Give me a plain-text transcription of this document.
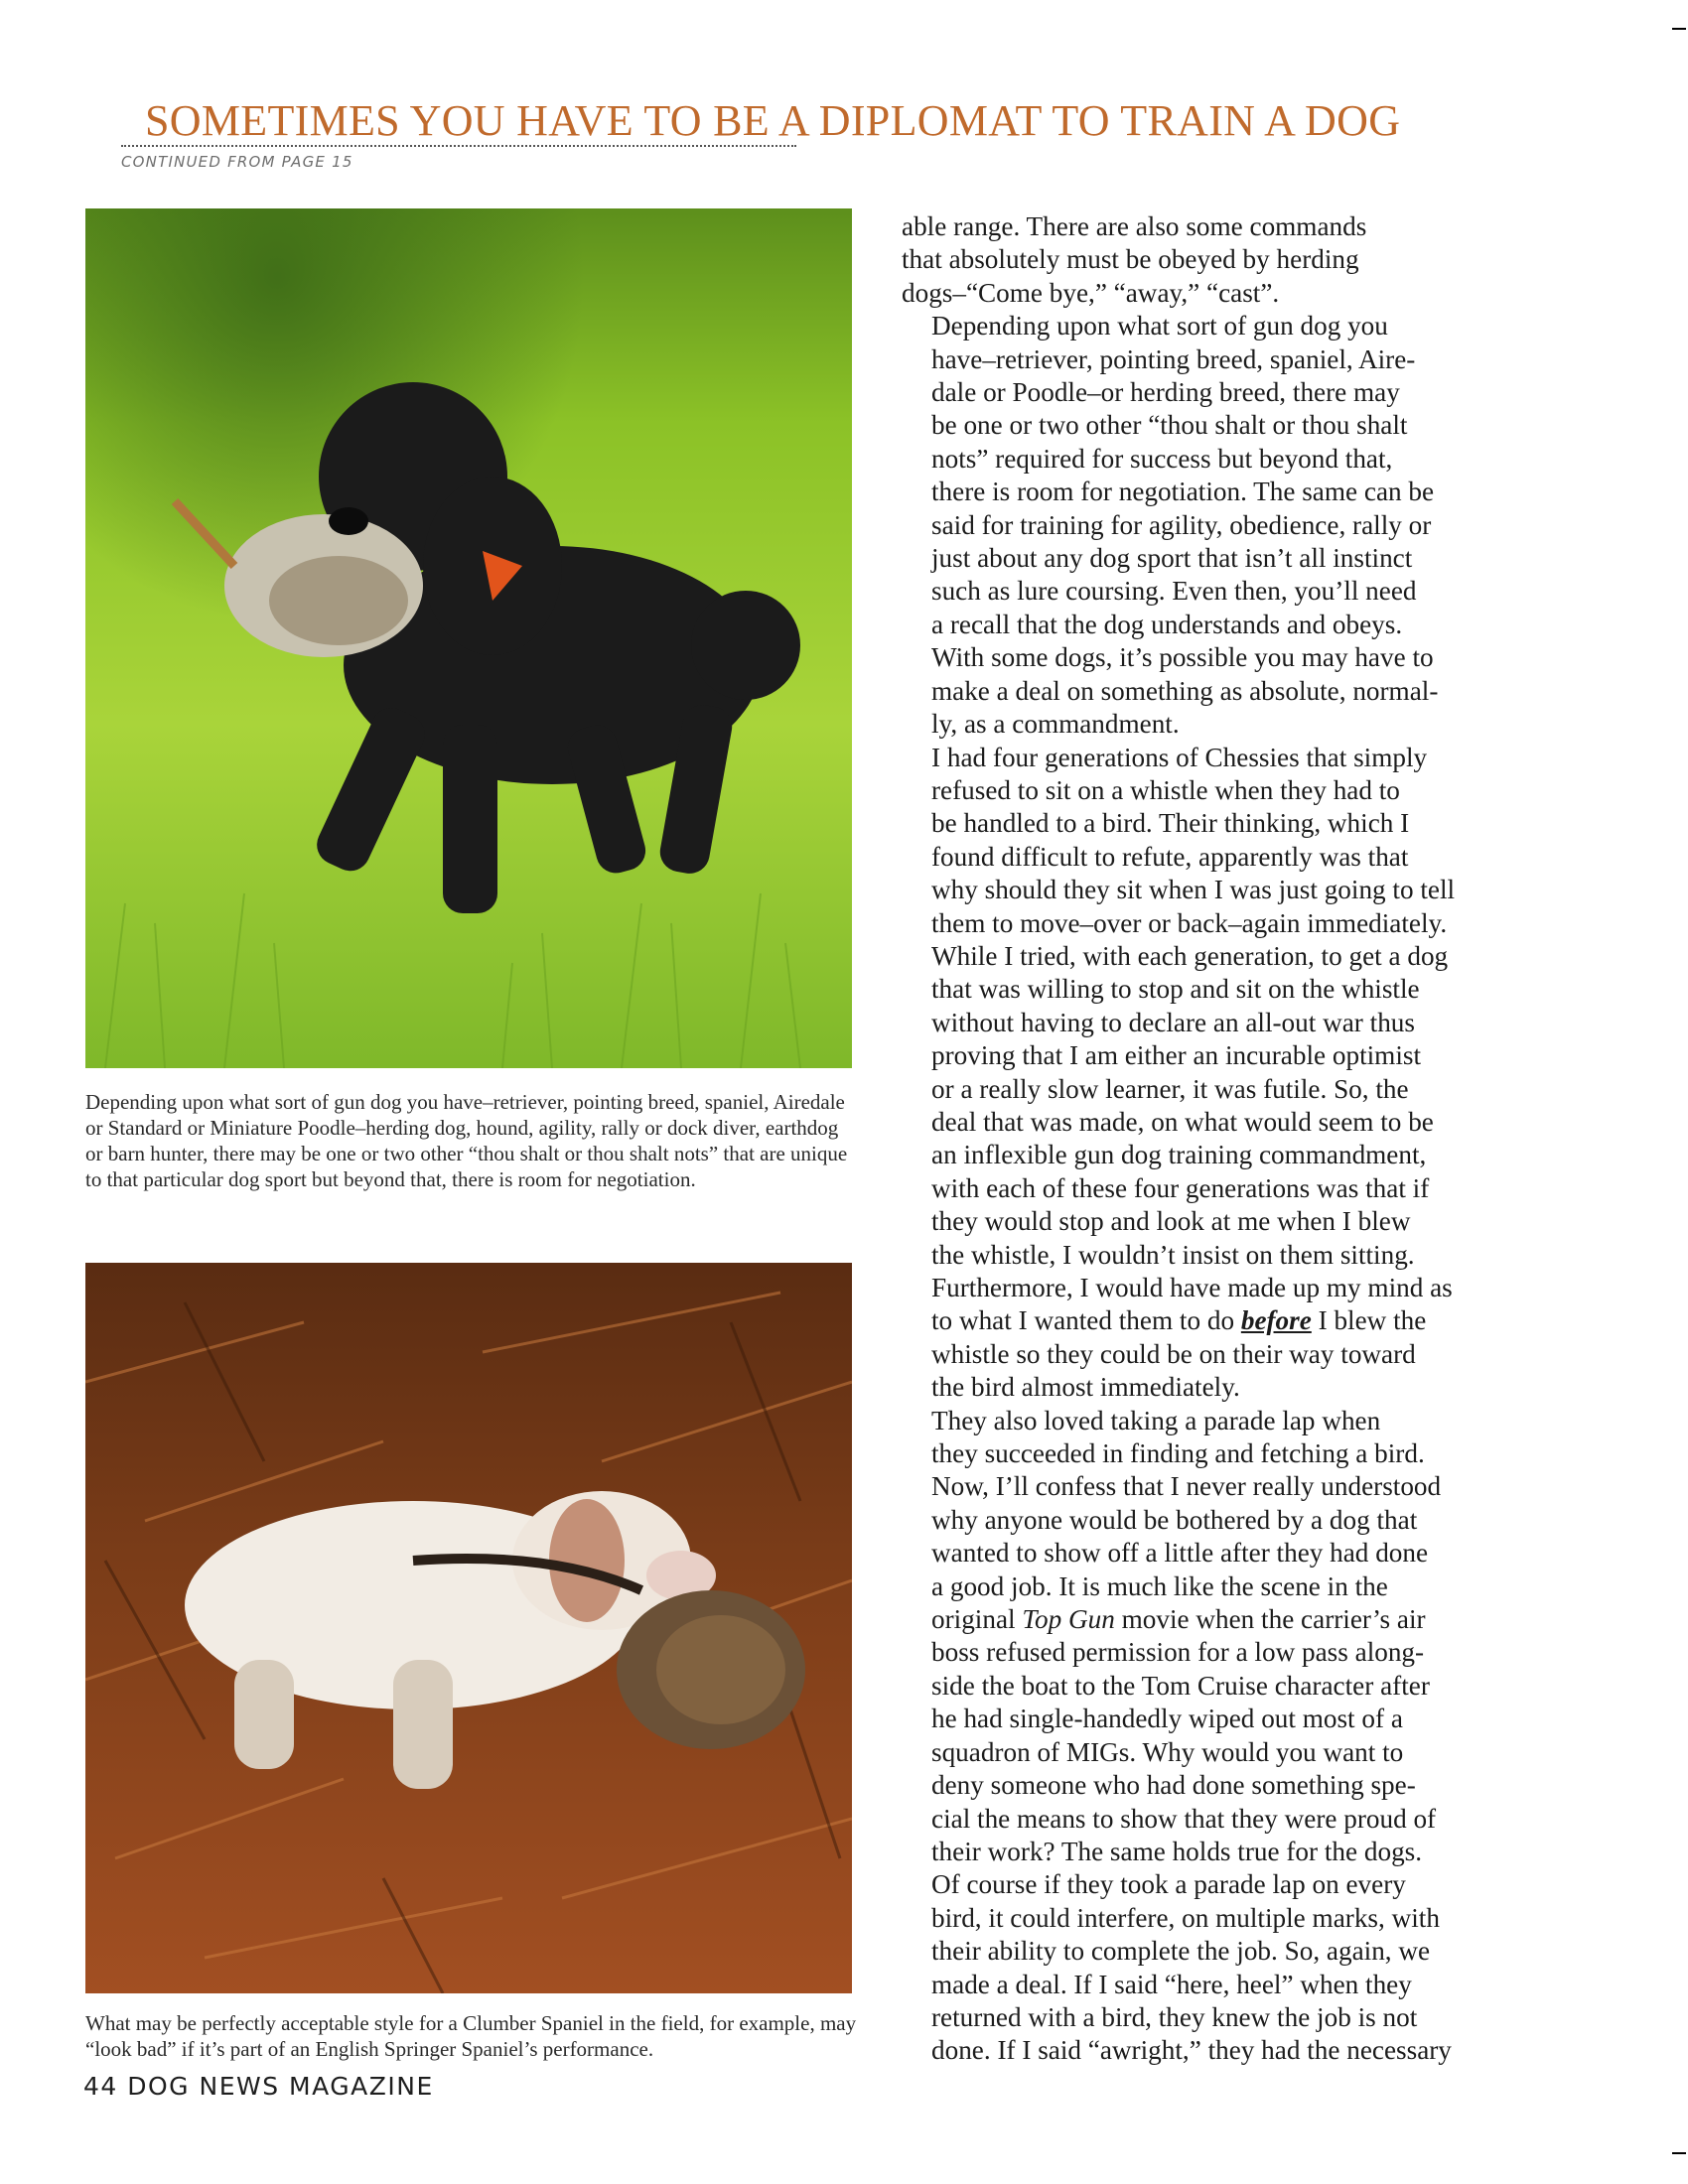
SOMETIMES YOU HAVE TO BE A DIPLOMAT TO TRAIN A DOG
CONTINUED FROM PAGE 15
Depending upon what sort of gun dog you have–retriever, pointing breed, spaniel, Airedale or Standard or Miniature Poodle–herding dog, hound, agility, rally or dock diver, earthdog or barn hunter, there may be one or two other “thou shalt or thou shalt nots” that are unique to that particular dog sport but beyond that, there is room for negotiation.
What may be perfectly acceptable style for a Clumber Spaniel in the field, for example, may “look bad” if it’s part of an English Springer Spaniel’s performance.
44 DOG NEWS MAGAZINE

able range. There are also some commands
that absolutely must be obeyed by herding
dogs–“Come bye,” “away,” “cast”.

Depending upon what sort of gun dog you
have–retriever, pointing breed, spaniel, Aire-
dale or Poodle–or herding breed, there may
be one or two other “thou shalt or thou shalt
nots” required for success but beyond that,
there is room for negotiation. The same can be
said for training for agility, obedience, rally or
just about any dog sport that isn’t all instinct
such as lure coursing. Even then, you’ll need
a recall that the dog understands and obeys.
With some dogs, it’s possible you may have to
make a deal on something as absolute, normal-
ly, as a commandment.

I had four generations of Chessies that simply
refused to sit on a whistle when they had to
be handled to a bird. Their thinking, which I
found difficult to refute, apparently was that
why should they sit when I was just going to tell
them to move–over or back–again immediately.
While I tried, with each generation, to get a dog
that was willing to stop and sit on the whistle
without having to declare an all-out war thus
proving that I am either an incurable optimist
or a really slow learner, it was futile. So, the
deal that was made, on what would seem to be
an inflexible gun dog training commandment,
with each of these four generations was that if
they would stop and look at me when I blew
the whistle, I wouldn’t insist on them sitting.
Furthermore, I would have made up my mind as
to what I wanted them to do before I blew the
whistle so they could be on their way toward
the bird almost immediately.

They also loved taking a parade lap when
they succeeded in finding and fetching a bird.
Now, I’ll confess that I never really understood
why anyone would be bothered by a dog that
wanted to show off a little after they had done
a good job. It is much like the scene in the
original Top Gun movie when the carrier’s air
boss refused permission for a low pass along-
side the boat to the Tom Cruise character after
he had single-handedly wiped out most of a
squadron of MIGs. Why would you want to
deny someone who had done something spe-
cial the means to show that they were proud of
their work? The same holds true for the dogs.

Of course if they took a parade lap on every
bird, it could interfere, on multiple marks, with
their ability to complete the job. So, again, we
made a deal. If I said “here, heel” when they
returned with a bird, they knew the job is not
done. If I said “awright,” they had the necessary
